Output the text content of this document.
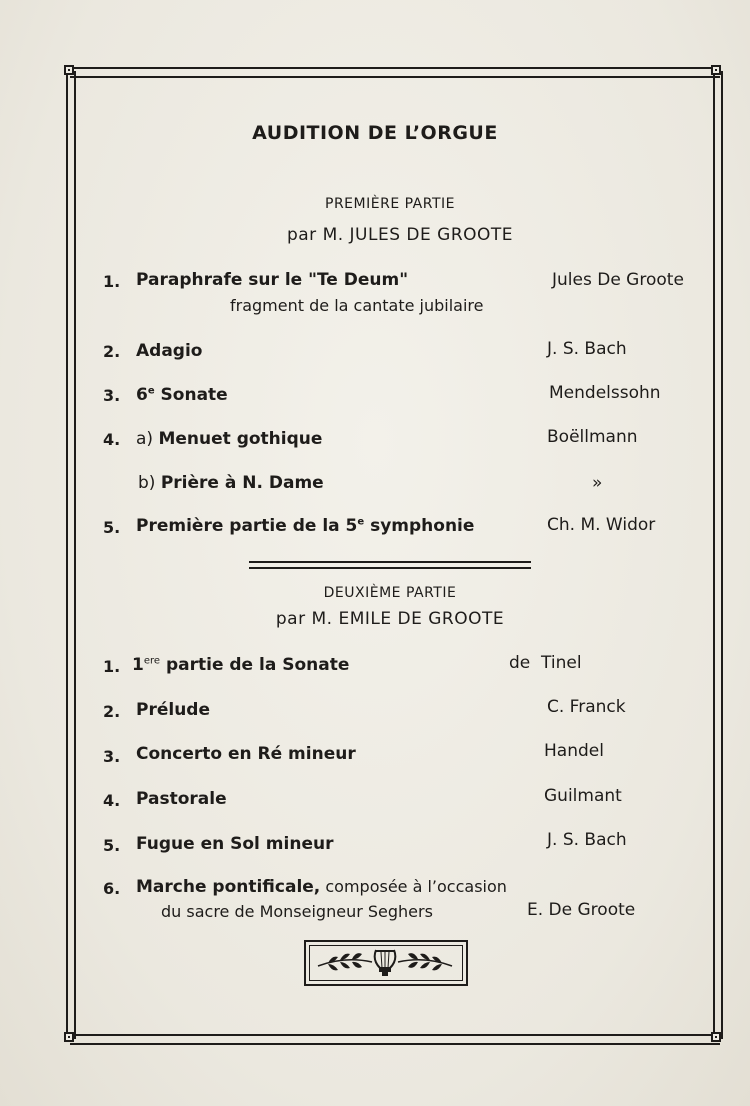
AUDITION DE L’ORGUE
PREMIÈRE PARTIE
par M. JULES DE GROOTE
1. Paraphrafe sur le "Te Deum"	Jules De Groote
fragment de la cantate jubilaire
2. Adagio	J. S. Bach
3. 6e Sonate	Mendelssohn
4. a) Menuet gothique	Boëllmann
b) Prière à N. Dame	»
5. Première partie de la 5e symphonie	Ch. M. Widor
DEUXIÈME PARTIE
par M. EMILE DE GROOTE
1. 1ere partie de la Sonate	de  Tinel
2. Prélude	C. Franck
3. Concerto en Ré mineur	Handel
4. Pastorale	Guilmant
5. Fugue en Sol mineur	J. S. Bach
6. Marche pontificale, composée à l’occasion
du sacre de Monseigneur Seghers	E. De Groote
